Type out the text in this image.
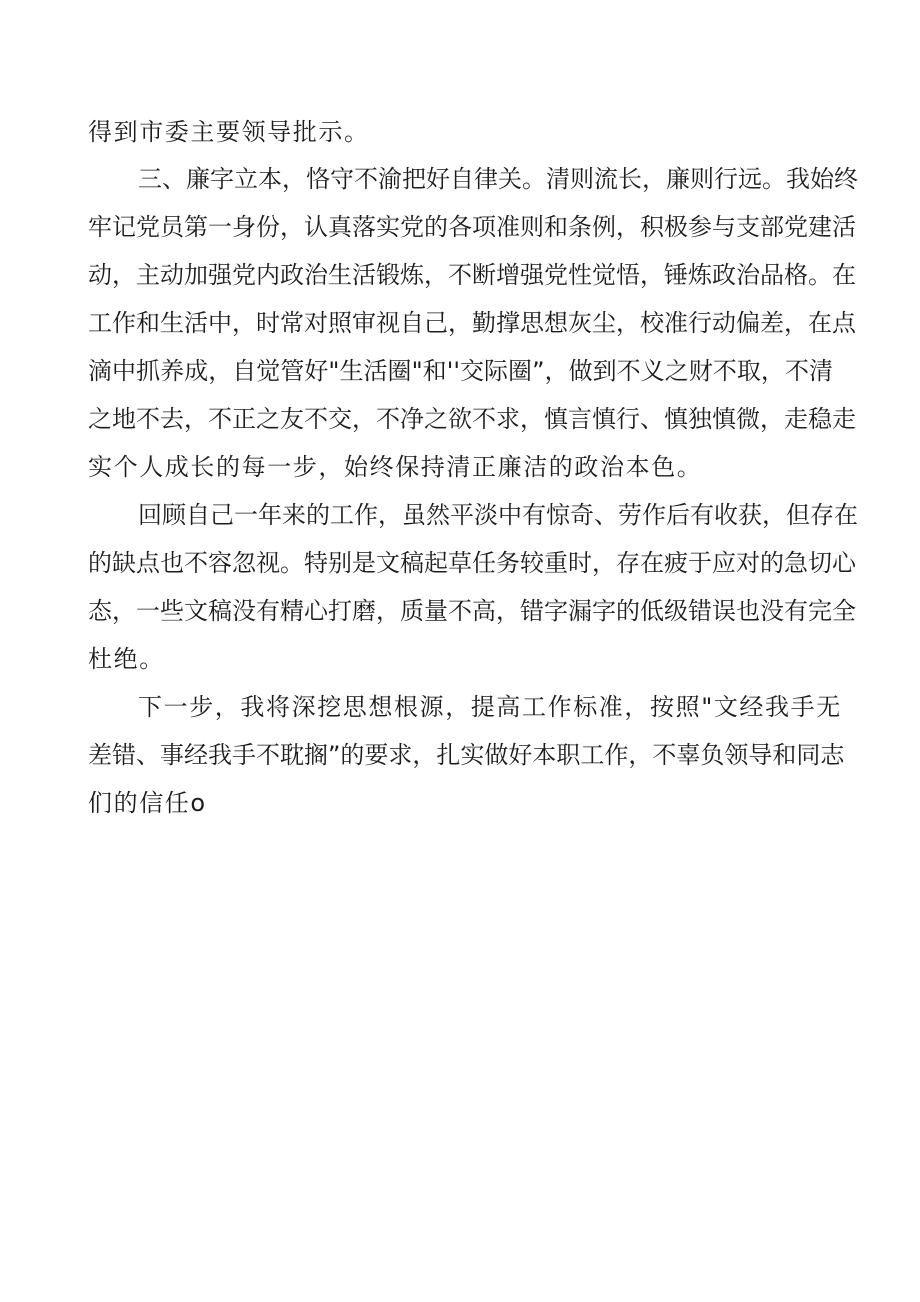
得到市委主要领导批示。
三、廉字立本，恪守不渝把好自律关。清则流长，廉则行远。我始终
牢记党员第一身份，认真落实党的各项准则和条例，积极参与支部党建活
动，主动加强党内政治生活锻炼，不断增强党性觉悟，锤炼政治品格。在
工作和生活中，时常对照审视自己，勤撑思想灰尘，校准行动偏差，在点
滴中抓养成，自觉管好"生活圈"和''交际圈”，做到不义之财不取，不清
之地不去，不正之友不交，不净之欲不求，慎言慎行、慎独慎微，走稳走
实个人成长的每一步，始终保持清正廉洁的政治本色。
回顾自己一年来的工作，虽然平淡中有惊奇、劳作后有收获，但存在
的缺点也不容忽视。特别是文稿起草任务较重时，存在疲于应对的急切心
态，一些文稿没有精心打磨，质量不高，错字漏字的低级错误也没有完全
杜绝。
下一步，我将深挖思想根源，提高工作标准，按照"文经我手无
差错、事经我手不耽搁”的要求，扎实做好本职工作，不辜负领导和同志
们的信任o
